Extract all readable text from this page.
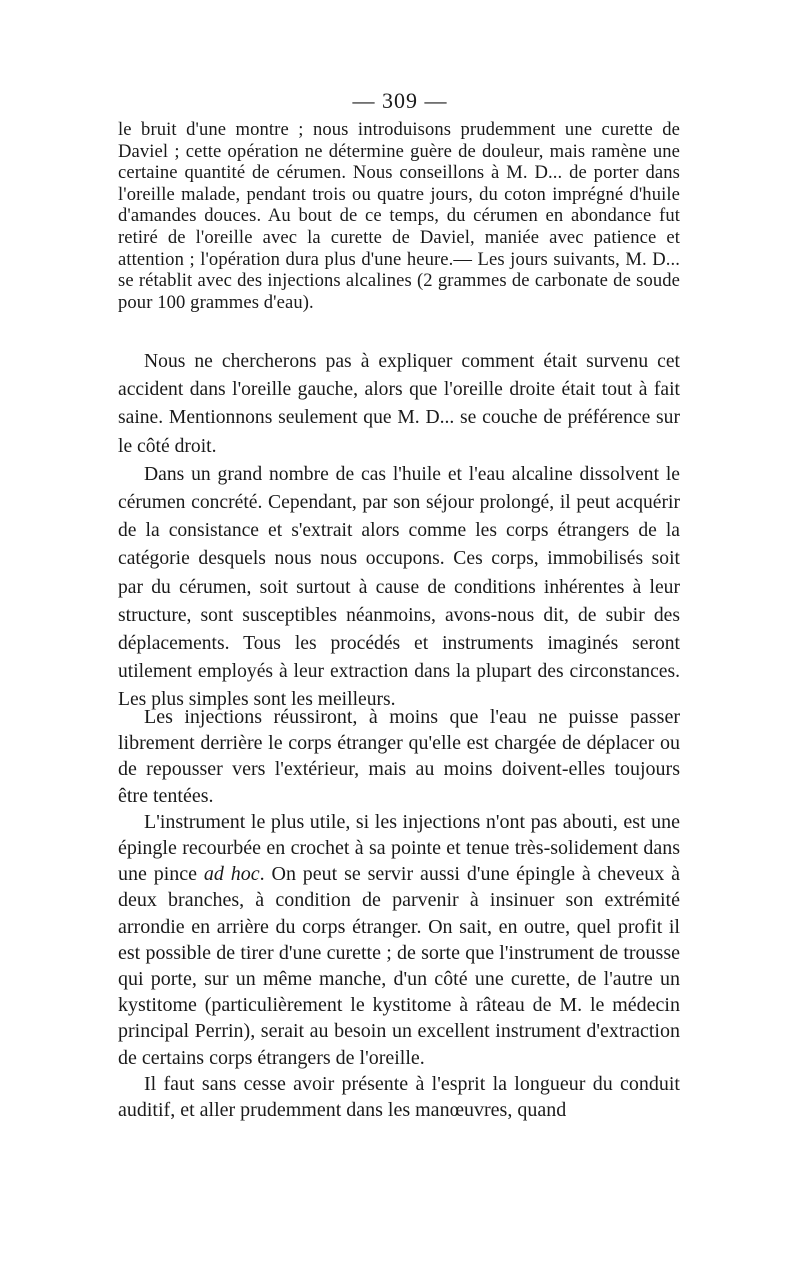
— 309 —

le bruit d'une montre ; nous introduisons prudemment une curette de Daviel ; cette opération ne détermine guère de douleur, mais ramène une certaine quantité de cérumen. Nous conseillons à M. D... de porter dans l'oreille malade, pendant trois ou quatre jours, du coton imprégné d'huile d'amandes douces. Au bout de ce temps, du cérumen en abondance fut retiré de l'oreille avec la curette de Daviel, maniée avec patience et attention ; l'opération dura plus d'une heure.— Les jours suivants, M. D... se rétablit avec des injections alcalines (2 grammes de carbonate de soude pour 100 grammes d'eau).

Nous ne chercherons pas à expliquer comment était survenu cet accident dans l'oreille gauche, alors que l'oreille droite était tout à fait saine. Mentionnons seulement que M. D... se couche de préférence sur le côté droit.

Dans un grand nombre de cas l'huile et l'eau alcaline dissolvent le cérumen concrété. Cependant, par son séjour prolongé, il peut acquérir de la consistance et s'extrait alors comme les corps étrangers de la catégorie desquels nous nous occupons. Ces corps, immobilisés soit par du cérumen, soit surtout à cause de conditions inhérentes à leur structure, sont susceptibles néanmoins, avons-nous dit, de subir des déplacements. Tous les procédés et instruments imaginés seront utilement employés à leur extraction dans la plupart des circonstances. Les plus simples sont les meilleurs.

Les injections réussiront, à moins que l'eau ne puisse passer librement derrière le corps étranger qu'elle est chargée de déplacer ou de repousser vers l'extérieur, mais au moins doivent-elles toujours être tentées.

L'instrument le plus utile, si les injections n'ont pas abouti, est une épingle recourbée en crochet à sa pointe et tenue très-solidement dans une pince ad hoc. On peut se servir aussi d'une épingle à cheveux à deux branches, à condition de parvenir à insinuer son extrémité arrondie en arrière du corps étranger. On sait, en outre, quel profit il est possible de tirer d'une curette ; de sorte que l'instrument de trousse qui porte, sur un même manche, d'un côté une curette, de l'autre un kystitome (particulièrement le kystitome à râteau de M. le médecin principal Perrin), serait au besoin un excellent instrument d'extraction de certains corps étrangers de l'oreille.

Il faut sans cesse avoir présente à l'esprit la longueur du conduit auditif, et aller prudemment dans les manœuvres, quand
